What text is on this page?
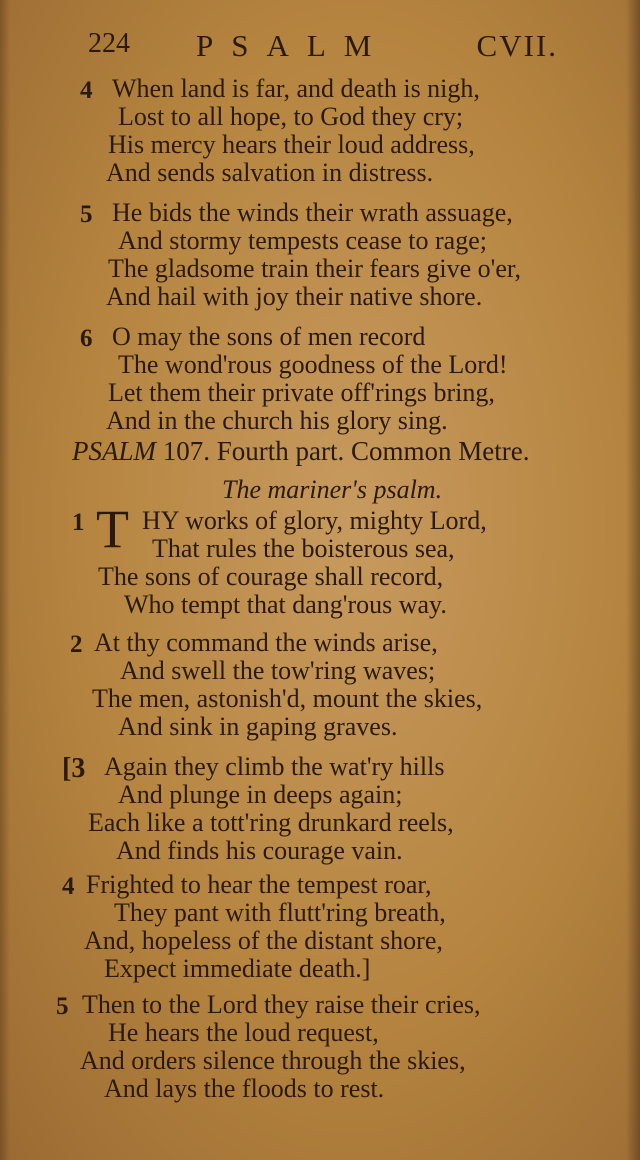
224 PSALM	CVII.
4 When land is far, and death is nigh,
Lost to all hope, to God they cry;
His mercy hears their loud address,
And sends salvation in distress.
5 He bids the winds their wrath assuage,
And stormy tempests cease to rage;
The gladsome train their fears give o'er,
And hail with joy their native shore.
6 O may the sons of men record
The wond'rous goodness of the Lord!
Let them their private off'rings bring,
And in the church his glory sing.
PSALM 107. Fourth part. Common Metre.
The mariner's psalm.
1 HY works of glory, mighty Lord,
That rules the boisterous sea,
The sons of courage shall record,
Who tempt that dang'rous way.
T
2 At thy command the winds arise,
And swell the tow'ring waves;
The men, astonish'd, mount the skies,
And sink in gaping graves.
[3 Again they climb the wat'ry hills
And plunge in deeps again;
Each like a tott'ring drunkard reels,
And finds his courage vain.
4 Frighted to hear the tempest roar,
They pant with flutt'ring breath,
And, hopeless of the distant shore,
Expect immediate death.]
5 Then to the Lord they raise their cries,
He hears the loud request,
And orders silence through the skies,
And lays the floods to rest.
